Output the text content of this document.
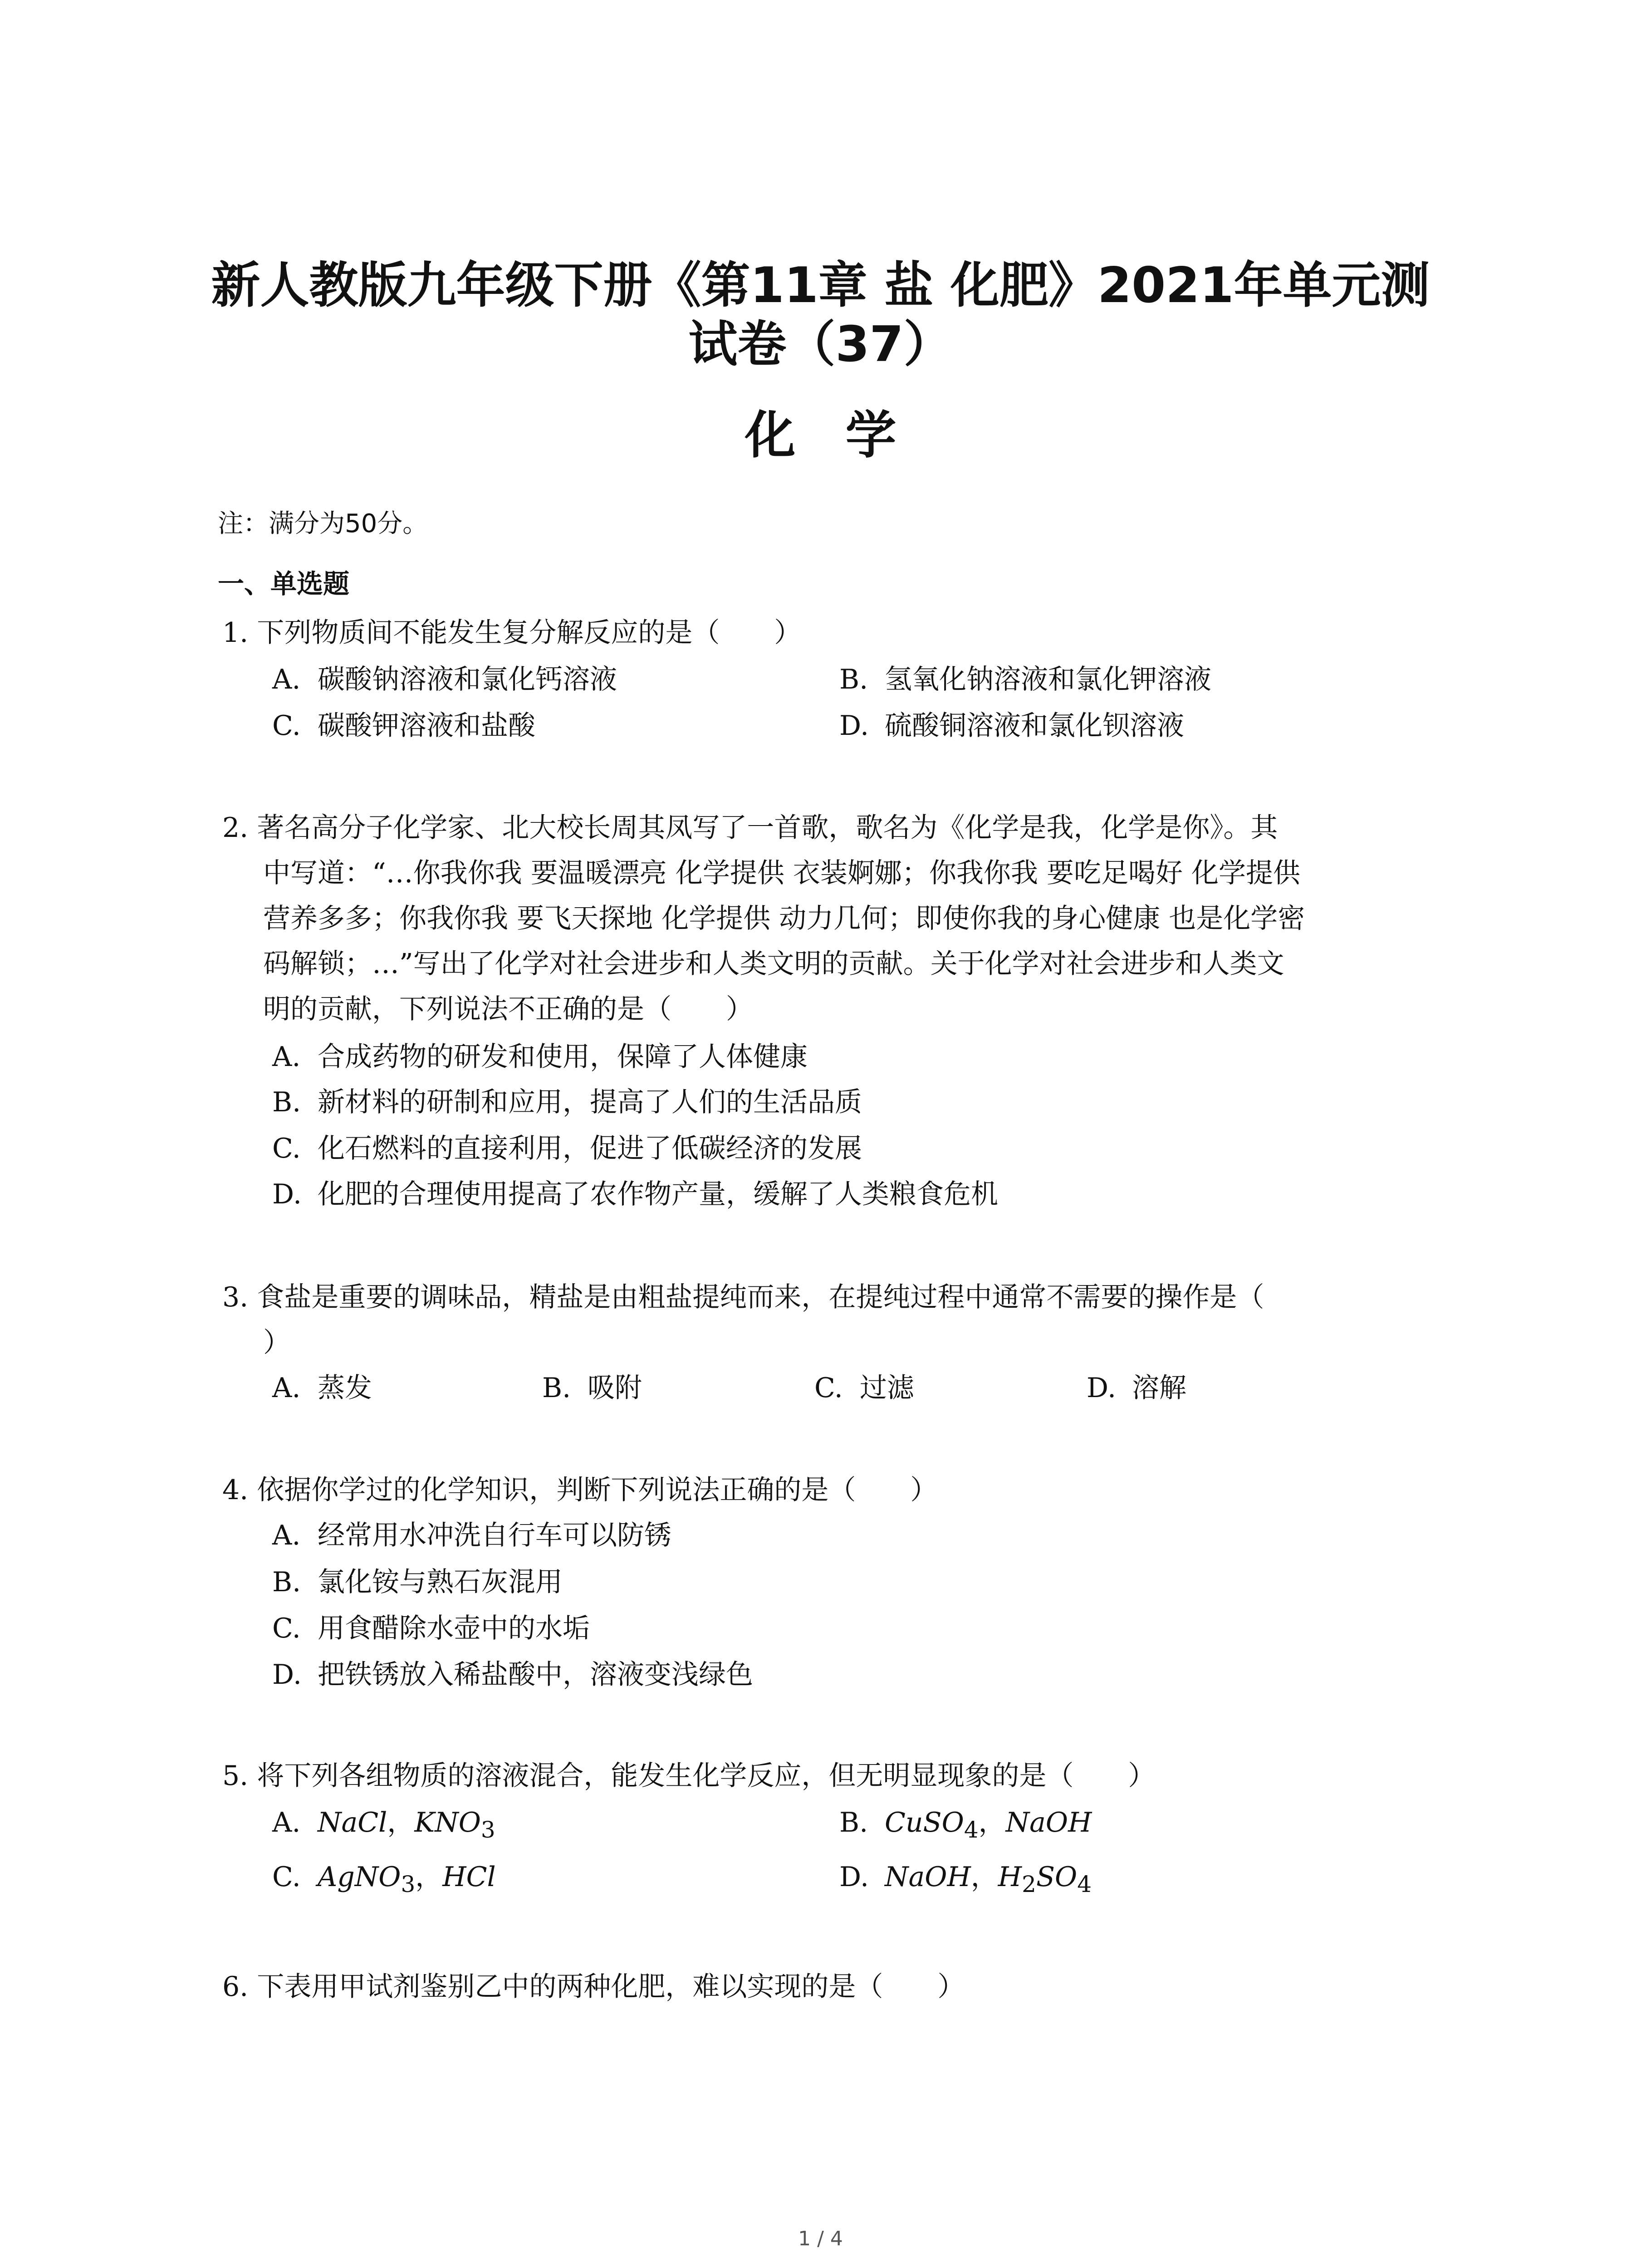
新人教版九年级下册《第11章 盐 化肥》2021年单元测
试卷（37）
化学

注：满分为50分。

一、单选题

1. 下列物质间不能发生复分解反应的是（　　）

A. 碳酸钠溶液和氯化钙溶液	B. 氢氧化钠溶液和氯化钾溶液

C. 碳酸钾溶液和盐酸	D. 硫酸铜溶液和氯化钡溶液

2. 著名高分子化学家、北大校长周其凤写了一首歌，歌名为《化学是我，化学是你》。其

中写道：“…你我你我 要温暖漂亮 化学提供 衣装婀娜；你我你我 要吃足喝好 化学提供

营养多多；你我你我 要飞天探地 化学提供 动力几何；即使你我的身心健康 也是化学密

码解锁；…”写出了化学对社会进步和人类文明的贡献。关于化学对社会进步和人类文

明的贡献，下列说法不正确的是（　　）

A. 合成药物的研发和使用，保障了人体健康

B. 新材料的研制和应用，提高了人们的生活品质

C. 化石燃料的直接利用，促进了低碳经济的发展

D. 化肥的合理使用提高了农作物产量，缓解了人类粮食危机

3. 食盐是重要的调味品，精盐是由粗盐提纯而来，在提纯过程中通常不需要的操作是（

）

A. 蒸发	B. 吸附	C. 过滤	D. 溶解

4. 依据你学过的化学知识，判断下列说法正确的是（　　）

A. 经常用水冲洗自行车可以防锈

B. 氯化铵与熟石灰混用

C. 用食醋除水壶中的水垢

D. 把铁锈放入稀盐酸中，溶液变浅绿色

5. 将下列各组物质的溶液混合，能发生化学反应，但无明显现象的是（　　）

A. NaCl，$KNO_3$	B. CuSO$_4$，NaOH

C. AgNO$_3$，HCl	D. NaOH，$H_2SO_4$

6. 下表用甲试剂鉴别乙中的两种化肥，难以实现的是（　　）

1 / 4
